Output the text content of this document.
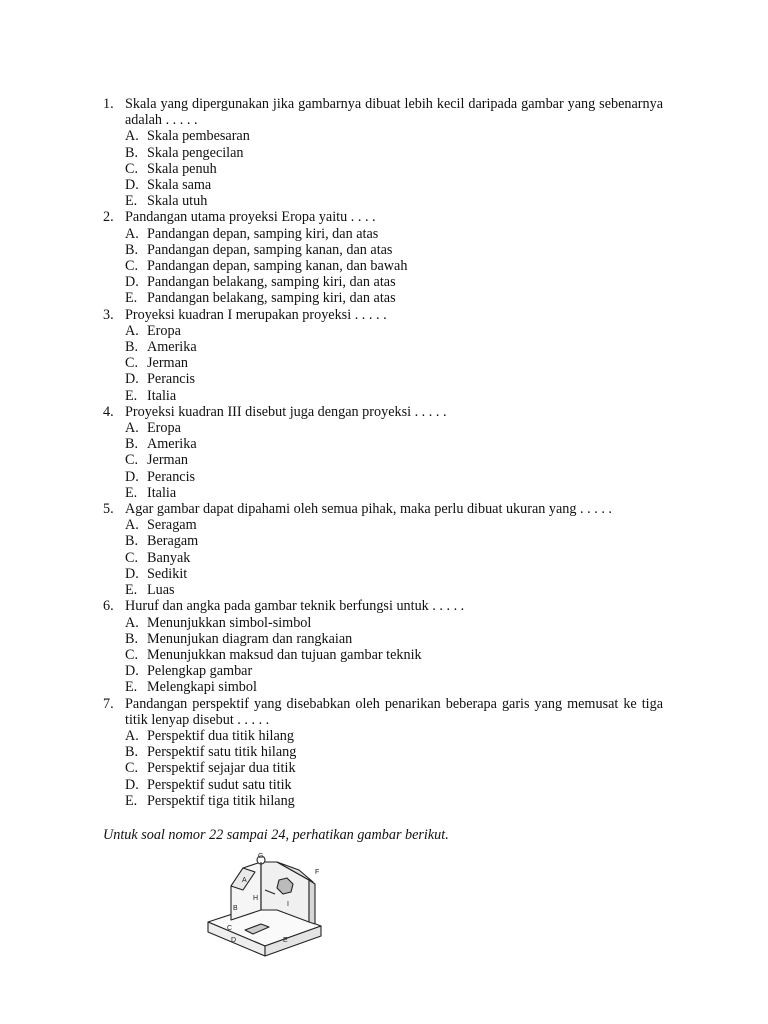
1. Skala yang dipergunakan jika gambarnya dibuat lebih kecil daripada gambar yang sebenarnya adalah . . . . .
A. Skala pembesaran
B. Skala pengecilan
C. Skala penuh
D. Skala sama
E. Skala utuh
2. Pandangan utama proyeksi Eropa yaitu . . . .
A. Pandangan depan, samping kiri, dan atas
B. Pandangan depan, samping kanan, dan atas
C. Pandangan depan, samping kanan, dan bawah
D. Pandangan belakang, samping kiri, dan atas
E. Pandangan belakang, samping kiri, dan atas
3. Proyeksi kuadran I merupakan proyeksi . . . . .
A. Eropa
B. Amerika
C. Jerman
D. Perancis
E. Italia
4. Proyeksi kuadran III disebut juga dengan proyeksi . . . . .
A. Eropa
B. Amerika
C. Jerman
D. Perancis
E. Italia
5. Agar gambar dapat dipahami oleh semua pihak, maka perlu dibuat ukuran yang . . . . .
A. Seragam
B. Beragam
C. Banyak
D. Sedikit
E. Luas
6. Huruf dan angka pada gambar teknik berfungsi untuk . . . . .
A. Menunjukkan simbol-simbol
B. Menunjukan diagram dan rangkaian
C. Menunjukkan maksud dan tujuan gambar teknik
D. Pelengkap gambar
E. Melengkapi simbol
7. Pandangan perspektif yang disebabkan oleh penarikan beberapa garis yang memusat ke tiga titik lenyap disebut . . . . .
A. Perspektif dua titik hilang
B. Perspektif satu titik hilang
C. Perspektif sejajar dua titik
D. Perspektif sudut satu titik
E. Perspektif tiga titik hilang
Untuk soal nomor 22 sampai 24, perhatikan gambar berikut.
A
B
C
D	E
F
G
H
I
